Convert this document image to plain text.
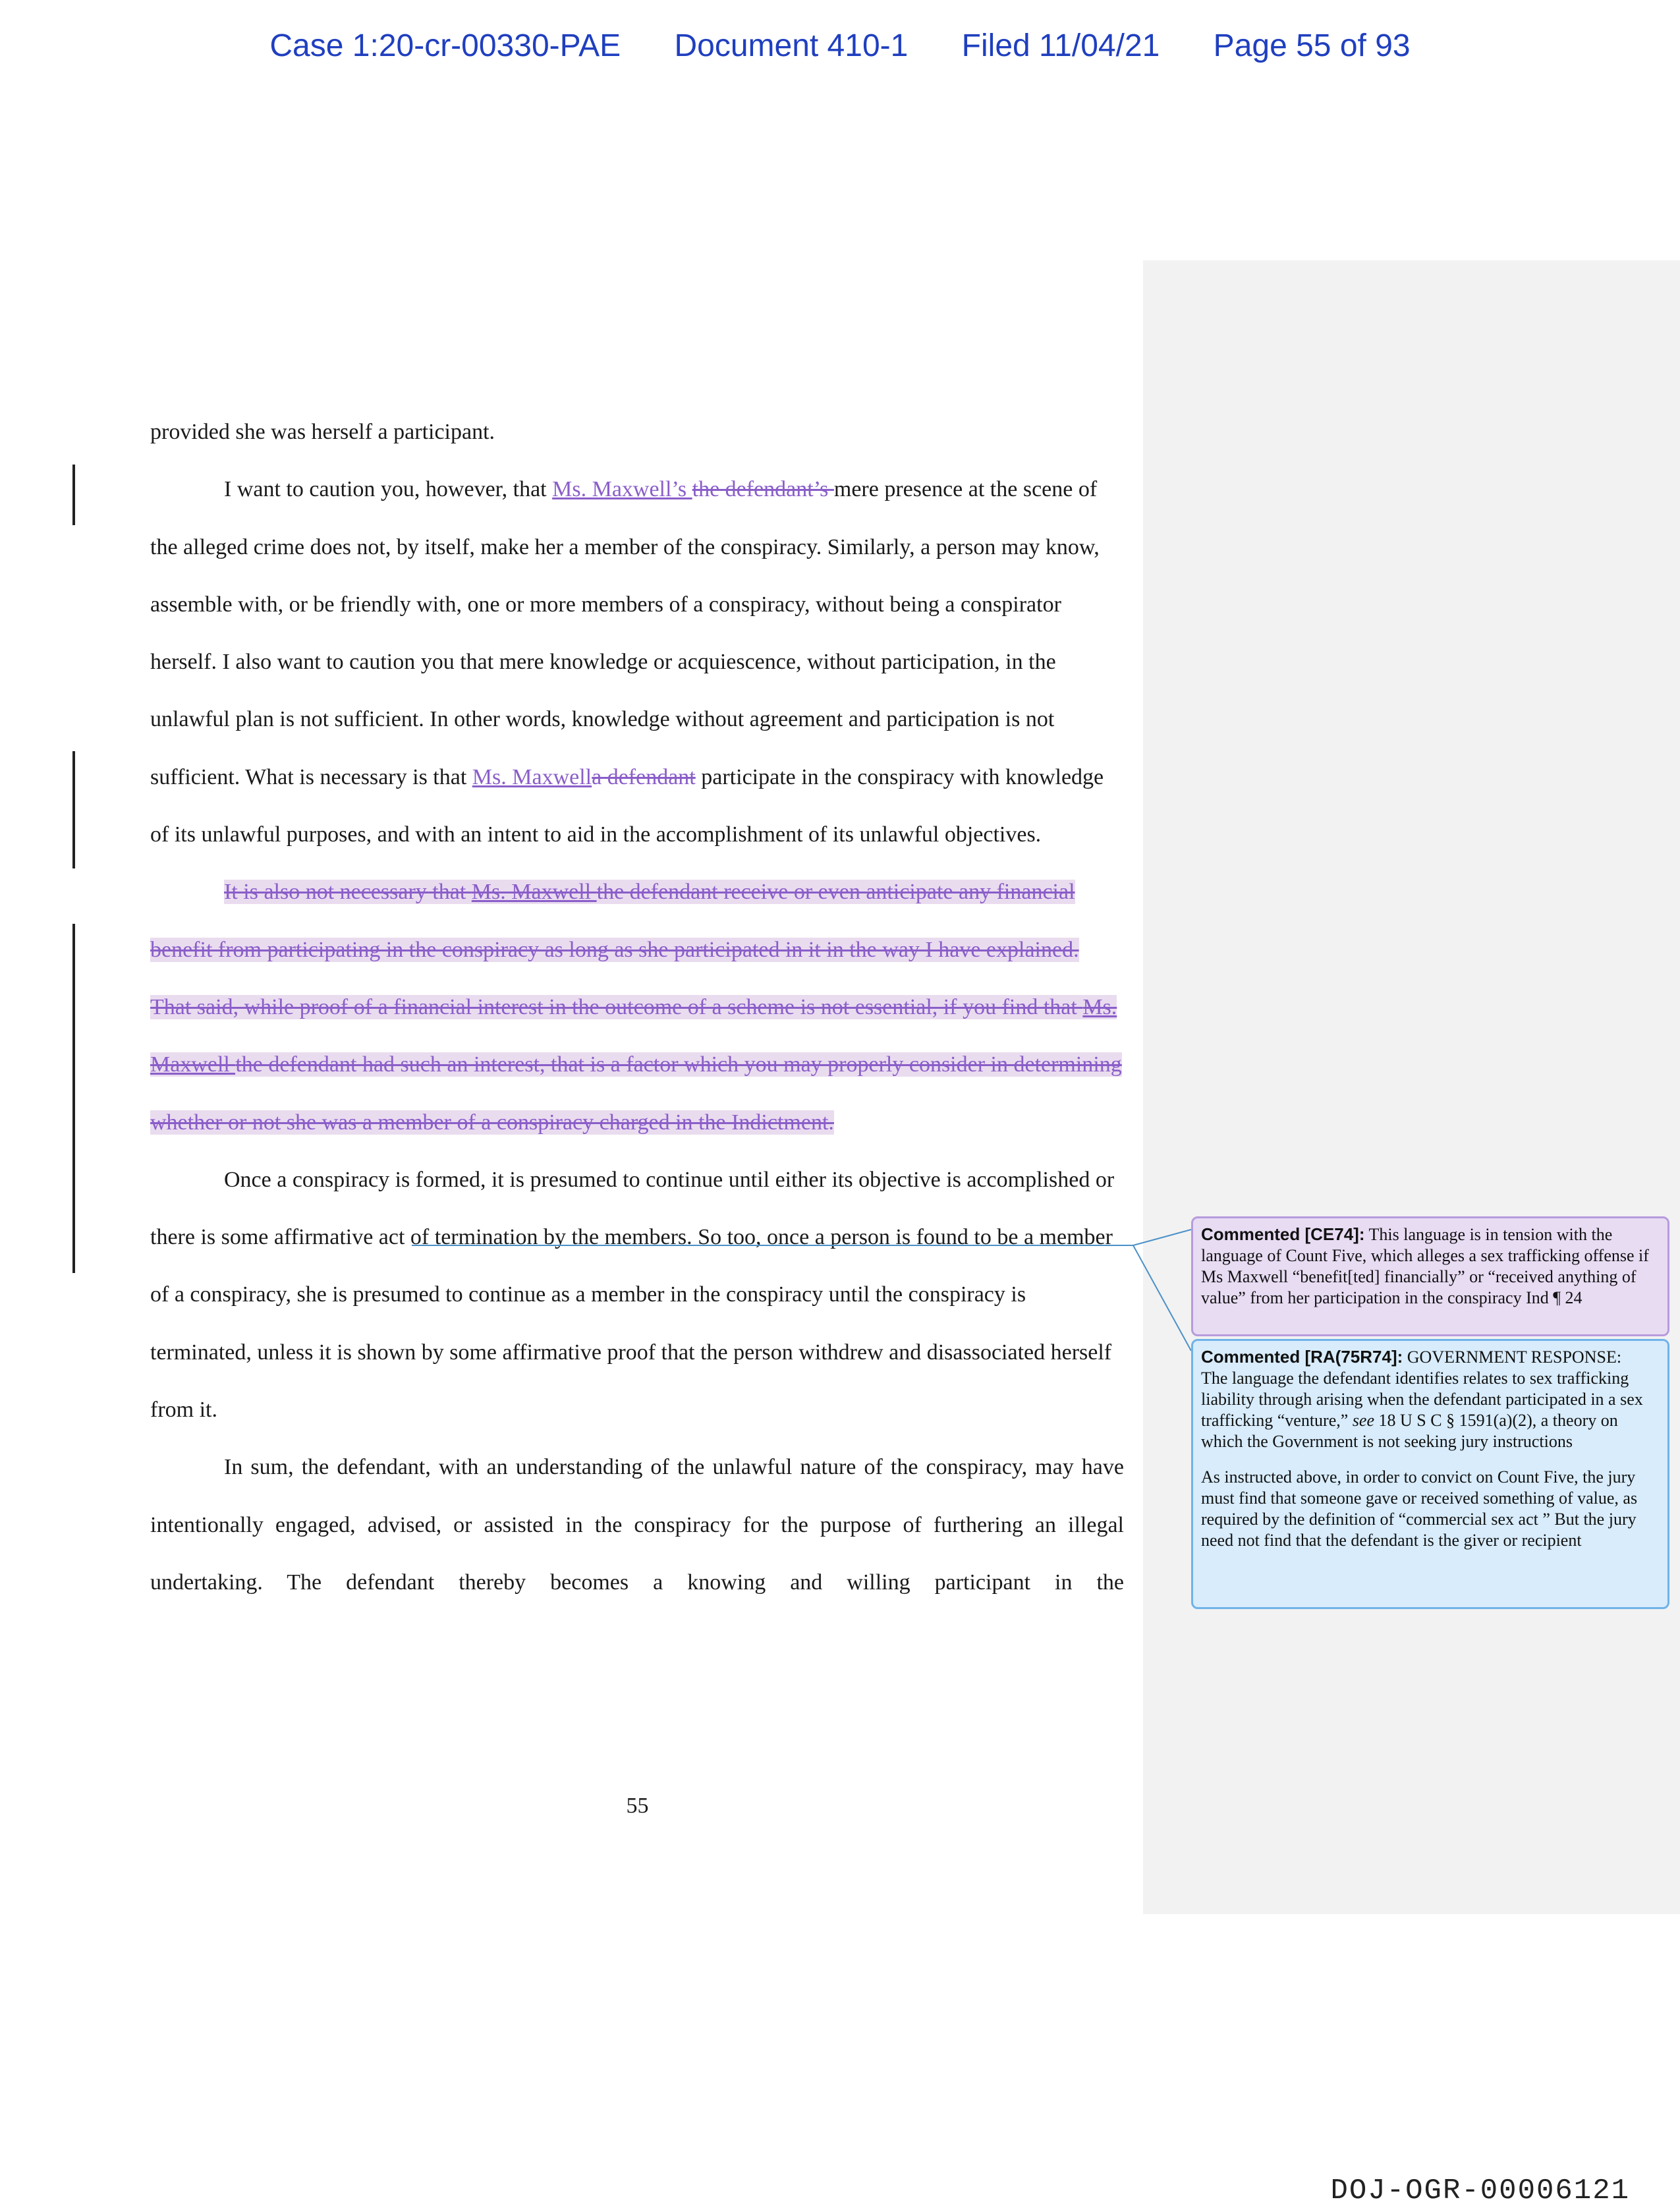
Case 1:20-cr-00330-PAE Document 410-1 Filed 11/04/21 Page 55 of 93

provided she was herself a participant.

I want to caution you, however, that Ms. Maxwell’s the defendant’s mere presence at the scene of the alleged crime does not, by itself, make her a member of the conspiracy. Similarly, a person may know, assemble with, or be friendly with, one or more members of a conspiracy, without being a conspirator herself. I also want to caution you that mere knowledge or acquiescence, without participation, in the unlawful plan is not sufficient. In other words, knowledge without agreement and participation is not sufficient. What is necessary is that Ms. Maxwella defendant participate in the conspiracy with knowledge of its unlawful purposes, and with an intent to aid in the accomplishment of its unlawful objectives.

It is also not necessary that Ms. Maxwell the defendant receive or even anticipate any financial benefit from participating in the conspiracy as long as she participated in it in the way I have explained. That said, while proof of a financial interest in the outcome of a scheme is not essential, if you find that Ms. Maxwell the defendant had such an interest, that is a factor which you may properly consider in determining whether or not she was a member of a conspiracy charged in the Indictment.

Once a conspiracy is formed, it is presumed to continue until either its objective is accomplished or there is some affirmative act of termination by the members. So too, once a person is found to be a member of a conspiracy, she is presumed to continue as a member in the conspiracy until the conspiracy is terminated, unless it is shown by some affirmative proof that the person withdrew and disassociated herself from it.

In sum, the defendant, with an understanding of the unlawful nature of the conspiracy, may have intentionally engaged, advised, or assisted in the conspiracy for the purpose of furthering an illegal undertaking. The defendant thereby becomes a knowing and willing participant in the

55
Commented [CE74]: This language is in tension with the language of Count Five, which alleges a sex trafficking offense if Ms Maxwell “benefit[ted] financially” or “received anything of value” from her participation in the conspiracy Ind ¶ 24
Commented [RA(75R74]: GOVERNMENT RESPONSE:
The language the defendant identifies relates to sex trafficking liability through arising when the defendant participated in a sex trafficking “venture,” see 18 U S C § 1591(a)(2), a theory on which the Government is not seeking jury instructions
As instructed above, in order to convict on Count Five, the jury must find that someone gave or received something of value, as required by the definition of “commercial sex act ” But the jury need not find that the defendant is the giver or recipient
DOJ-OGR-00006121
